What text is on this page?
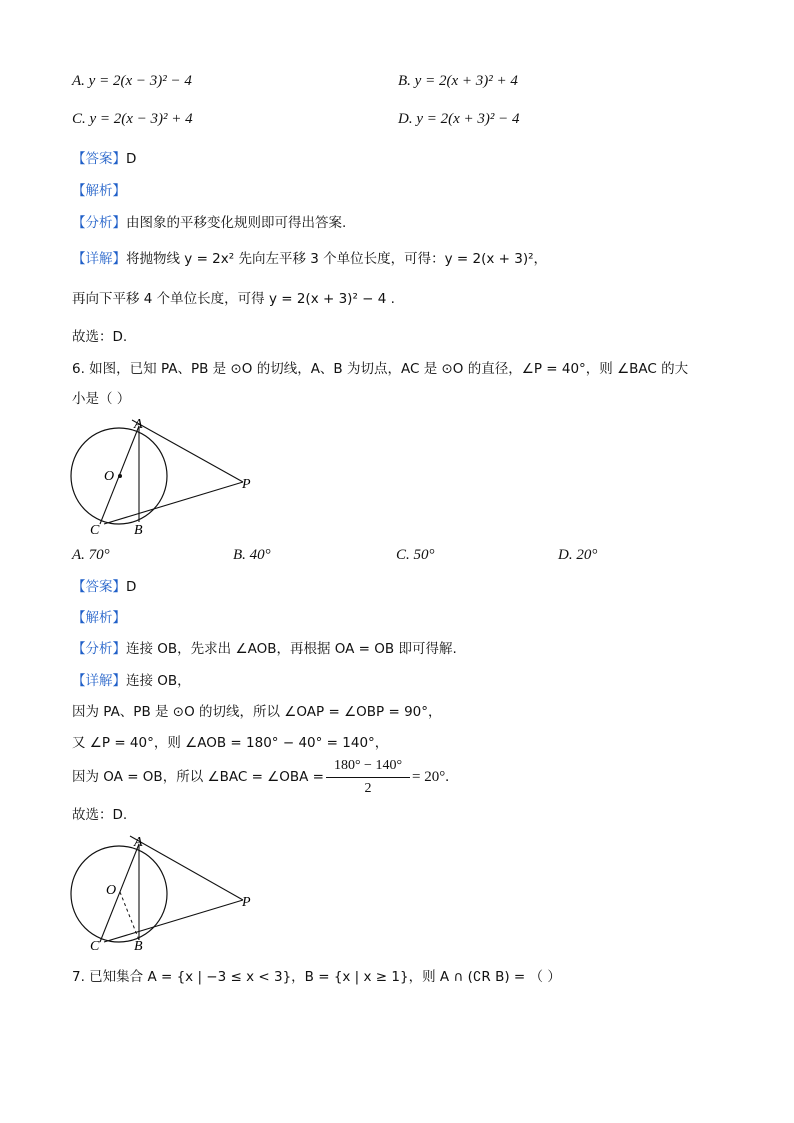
A. y = 2(x − 3)² − 4	B. y = 2(x + 3)² + 4
C. y = 2(x − 3)² + 4	D. y = 2(x + 3)² − 4
【答案】D
【解析】
【分析】由图象的平移变化规则即可得出答案.
【详解】将抛物线 y = 2x² 先向左平移 3 个单位长度，可得：y = 2(x + 3)²，
再向下平移 4 个单位长度，可得 y = 2(x + 3)² − 4 .
故选：D.
6. 如图，已知 PA、PB 是 ⊙O 的切线，A、B 为切点，AC 是 ⊙O 的直径，∠P = 40°，则 ∠BAC 的大
小是（ ）
A
O
P
C B
A. 70°	B. 40°	C. 50°	D. 20°
【答案】D
【解析】
【分析】连接 OB，先求出 ∠AOB，再根据 OA = OB 即可得解.
【详解】连接 OB，
因为 PA、PB 是 ⊙O 的切线，所以 ∠OAP = ∠OBP = 90°，
又 ∠P = 40°，则 ∠AOB = 180° − 40° = 140°，
因为 OA = OB，所以 ∠BAC = ∠OBA =
180° − 140°
2
= 20°.
故选：D.
A
O
P
C B
7. 已知集合 A = {x | −3 ≤ x < 3}，B = {x | x ≥ 1}，则 A ∩ (∁R B) = （ ）
